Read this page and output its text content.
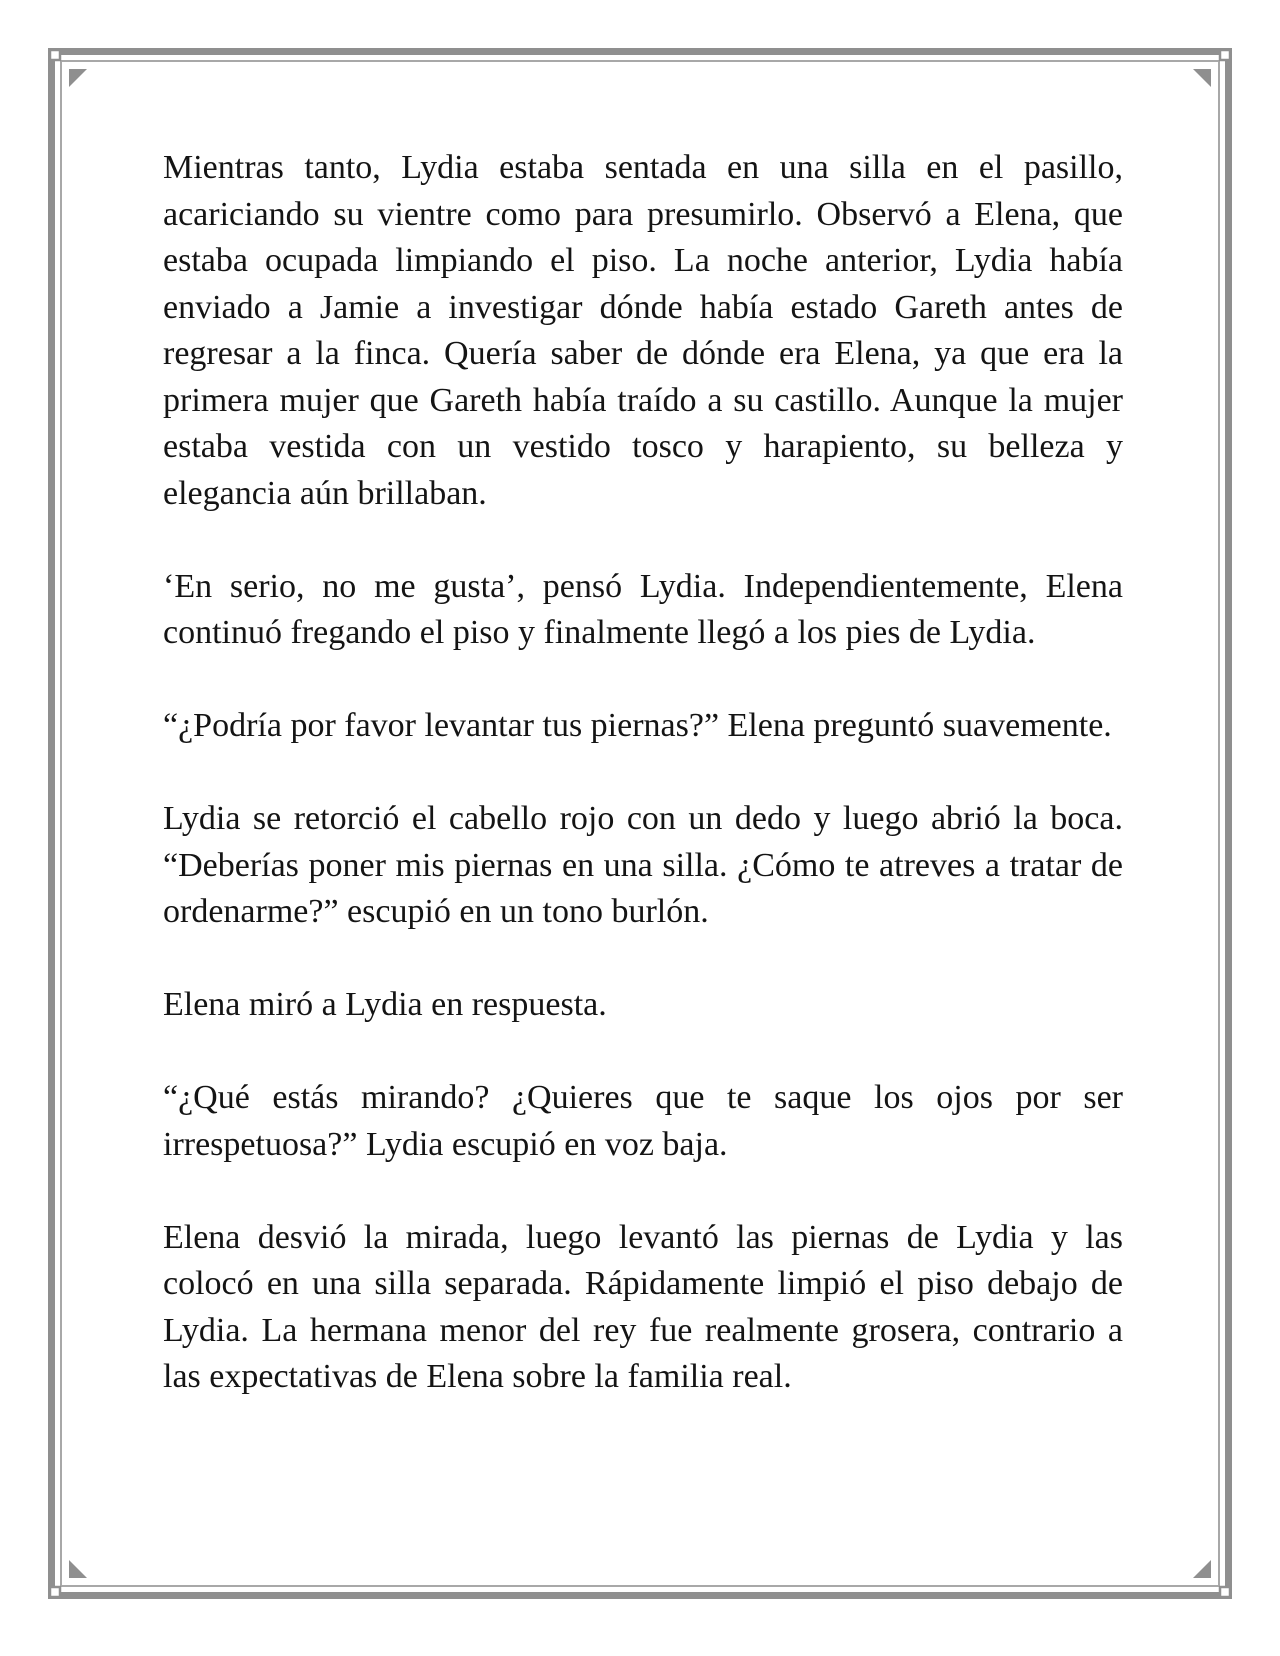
Mientras tanto, Lydia estaba sentada en una silla en el pasillo, acariciando su vientre como para presumirlo. Observó a Elena, que estaba ocupada limpiando el piso. La noche anterior, Lydia había enviado a Jamie a investigar dónde había estado Gareth antes de regresar a la finca. Quería saber de dónde era Elena, ya que era la primera mujer que Gareth había traído a su castillo. Aunque la mujer estaba vestida con un vestido tosco y harapiento, su belleza y elegancia aún brillaban.

‘En serio, no me gusta’, pensó Lydia. Independientemente, Elena continuó fregando el piso y finalmente llegó a los pies de Lydia.

“¿Podría por favor levantar tus piernas?” Elena preguntó suavemente.

Lydia se retorció el cabello rojo con un dedo y luego abrió la boca. “Deberías poner mis piernas en una silla. ¿Cómo te atreves a tratar de ordenarme?” escupió en un tono burlón.

Elena miró a Lydia en respuesta.

“¿Qué estás mirando? ¿Quieres que te saque los ojos por ser irrespetuosa?” Lydia escupió en voz baja.

Elena desvió la mirada, luego levantó las piernas de Lydia y las colocó en una silla separada. Rápidamente limpió el piso debajo de Lydia. La hermana menor del rey fue realmente grosera, contrario a las expectativas de Elena sobre la familia real.
